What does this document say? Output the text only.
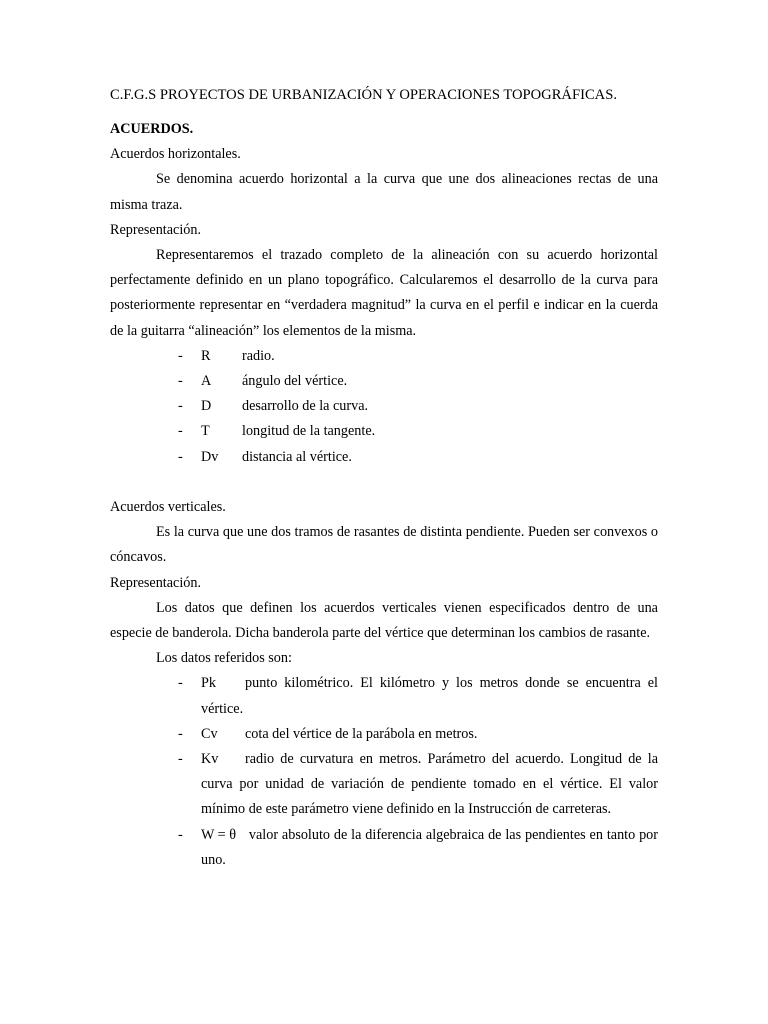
C.F.G.S PROYECTOS DE URBANIZACIÓN Y OPERACIONES TOPOGRÁFICAS.

ACUERDOS.

Acuerdos horizontales.

Se denomina acuerdo horizontal a la curva que une dos alineaciones rectas de una misma traza.

Representación.

Representaremos el trazado completo de la alineación con su acuerdo horizontal perfectamente definido en un plano topográfico. Calcularemos el desarrollo de la curva para posteriormente representar en “verdadera magnitud” la curva en el perfil e indicar en la cuerda de la guitarra “alineación” los elementos de la misma.

- R radio.
- A ángulo del vértice.
- D desarrollo de la curva.
- T longitud de la tangente.
- Dv distancia al vértice.

Acuerdos verticales.

Es la curva que une dos tramos de rasantes de distinta pendiente. Pueden ser convexos o cóncavos.

Representación.

Los datos que definen los acuerdos verticales vienen especificados dentro de una especie de banderola. Dicha banderola parte del vértice que determinan los cambios de rasante.

Los datos referidos son:

- Pk punto kilométrico. El kilómetro y los metros donde se encuentra el vértice.
- Cv cota del vértice de la parábola en metros.
- Kv radio de curvatura en metros. Parámetro del acuerdo. Longitud de la curva por unidad de variación de pendiente tomado en el vértice. El valor mínimo de este parámetro viene definido en la Instrucción de carreteras.
- W = θ valor absoluto de la diferencia algebraica de las pendientes en tanto por uno.
